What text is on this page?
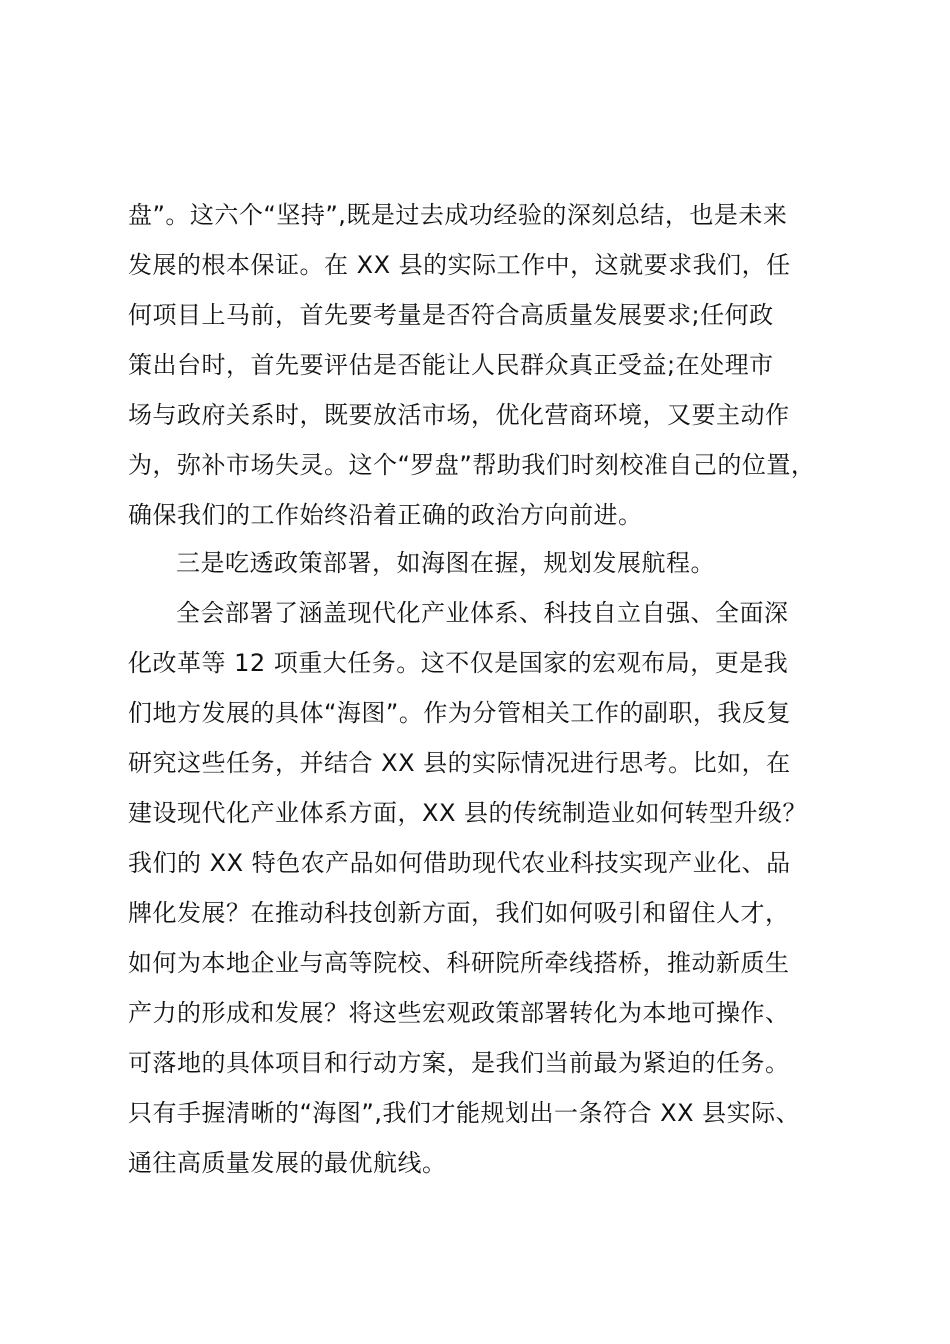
盘”。这六个“坚持”,既是过去成功经验的深刻总结，也是未来
发展的根本保证。在 XX 县的实际工作中，这就要求我们，任
何项目上马前，首先要考量是否符合高质量发展要求;任何政
策出台时，首先要评估是否能让人民群众真正受益;在处理市
场与政府关系时，既要放活市场，优化营商环境，又要主动作
为，弥补市场失灵。这个“罗盘”帮助我们时刻校准自己的位置，
确保我们的工作始终沿着正确的政治方向前进。
三是吃透政策部署，如海图在握，规划发展航程。
全会部署了涵盖现代化产业体系、科技自立自强、全面深
化改革等 12 项重大任务。这不仅是国家的宏观布局，更是我
们地方发展的具体“海图”。作为分管相关工作的副职，我反复
研究这些任务，并结合 XX 县的实际情况进行思考。比如，在
建设现代化产业体系方面，XX 县的传统制造业如何转型升级？
我们的 XX 特色农产品如何借助现代农业科技实现产业化、品
牌化发展？在推动科技创新方面，我们如何吸引和留住人才，
如何为本地企业与高等院校、科研院所牵线搭桥，推动新质生
产力的形成和发展？将这些宏观政策部署转化为本地可操作、
可落地的具体项目和行动方案，是我们当前最为紧迫的任务。
只有手握清晰的“海图”,我们才能规划出一条符合 XX 县实际、
通往高质量发展的最优航线。
